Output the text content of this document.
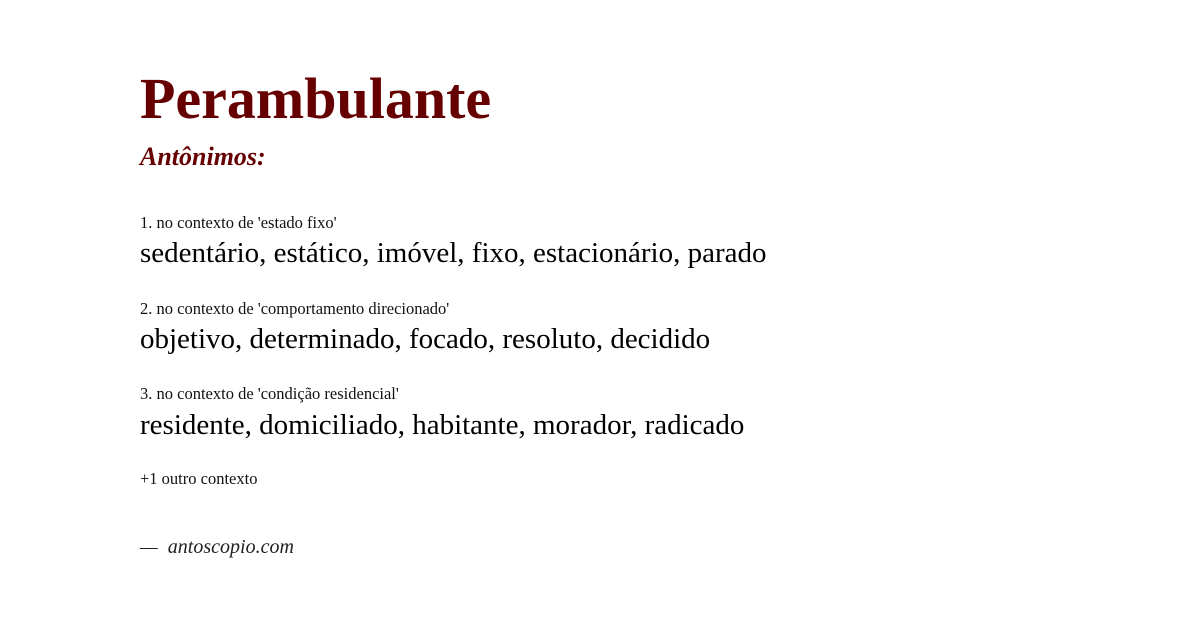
Perambulante
Antônimos:
1. no contexto de 'estado fixo'
sedentário, estático, imóvel, fixo, estacionário, parado
2. no contexto de 'comportamento direcionado'
objetivo, determinado, focado, resoluto, decidido
3. no contexto de 'condição residencial'
residente, domiciliado, habitante, morador, radicado
+1 outro contexto
— antoscopio.com
